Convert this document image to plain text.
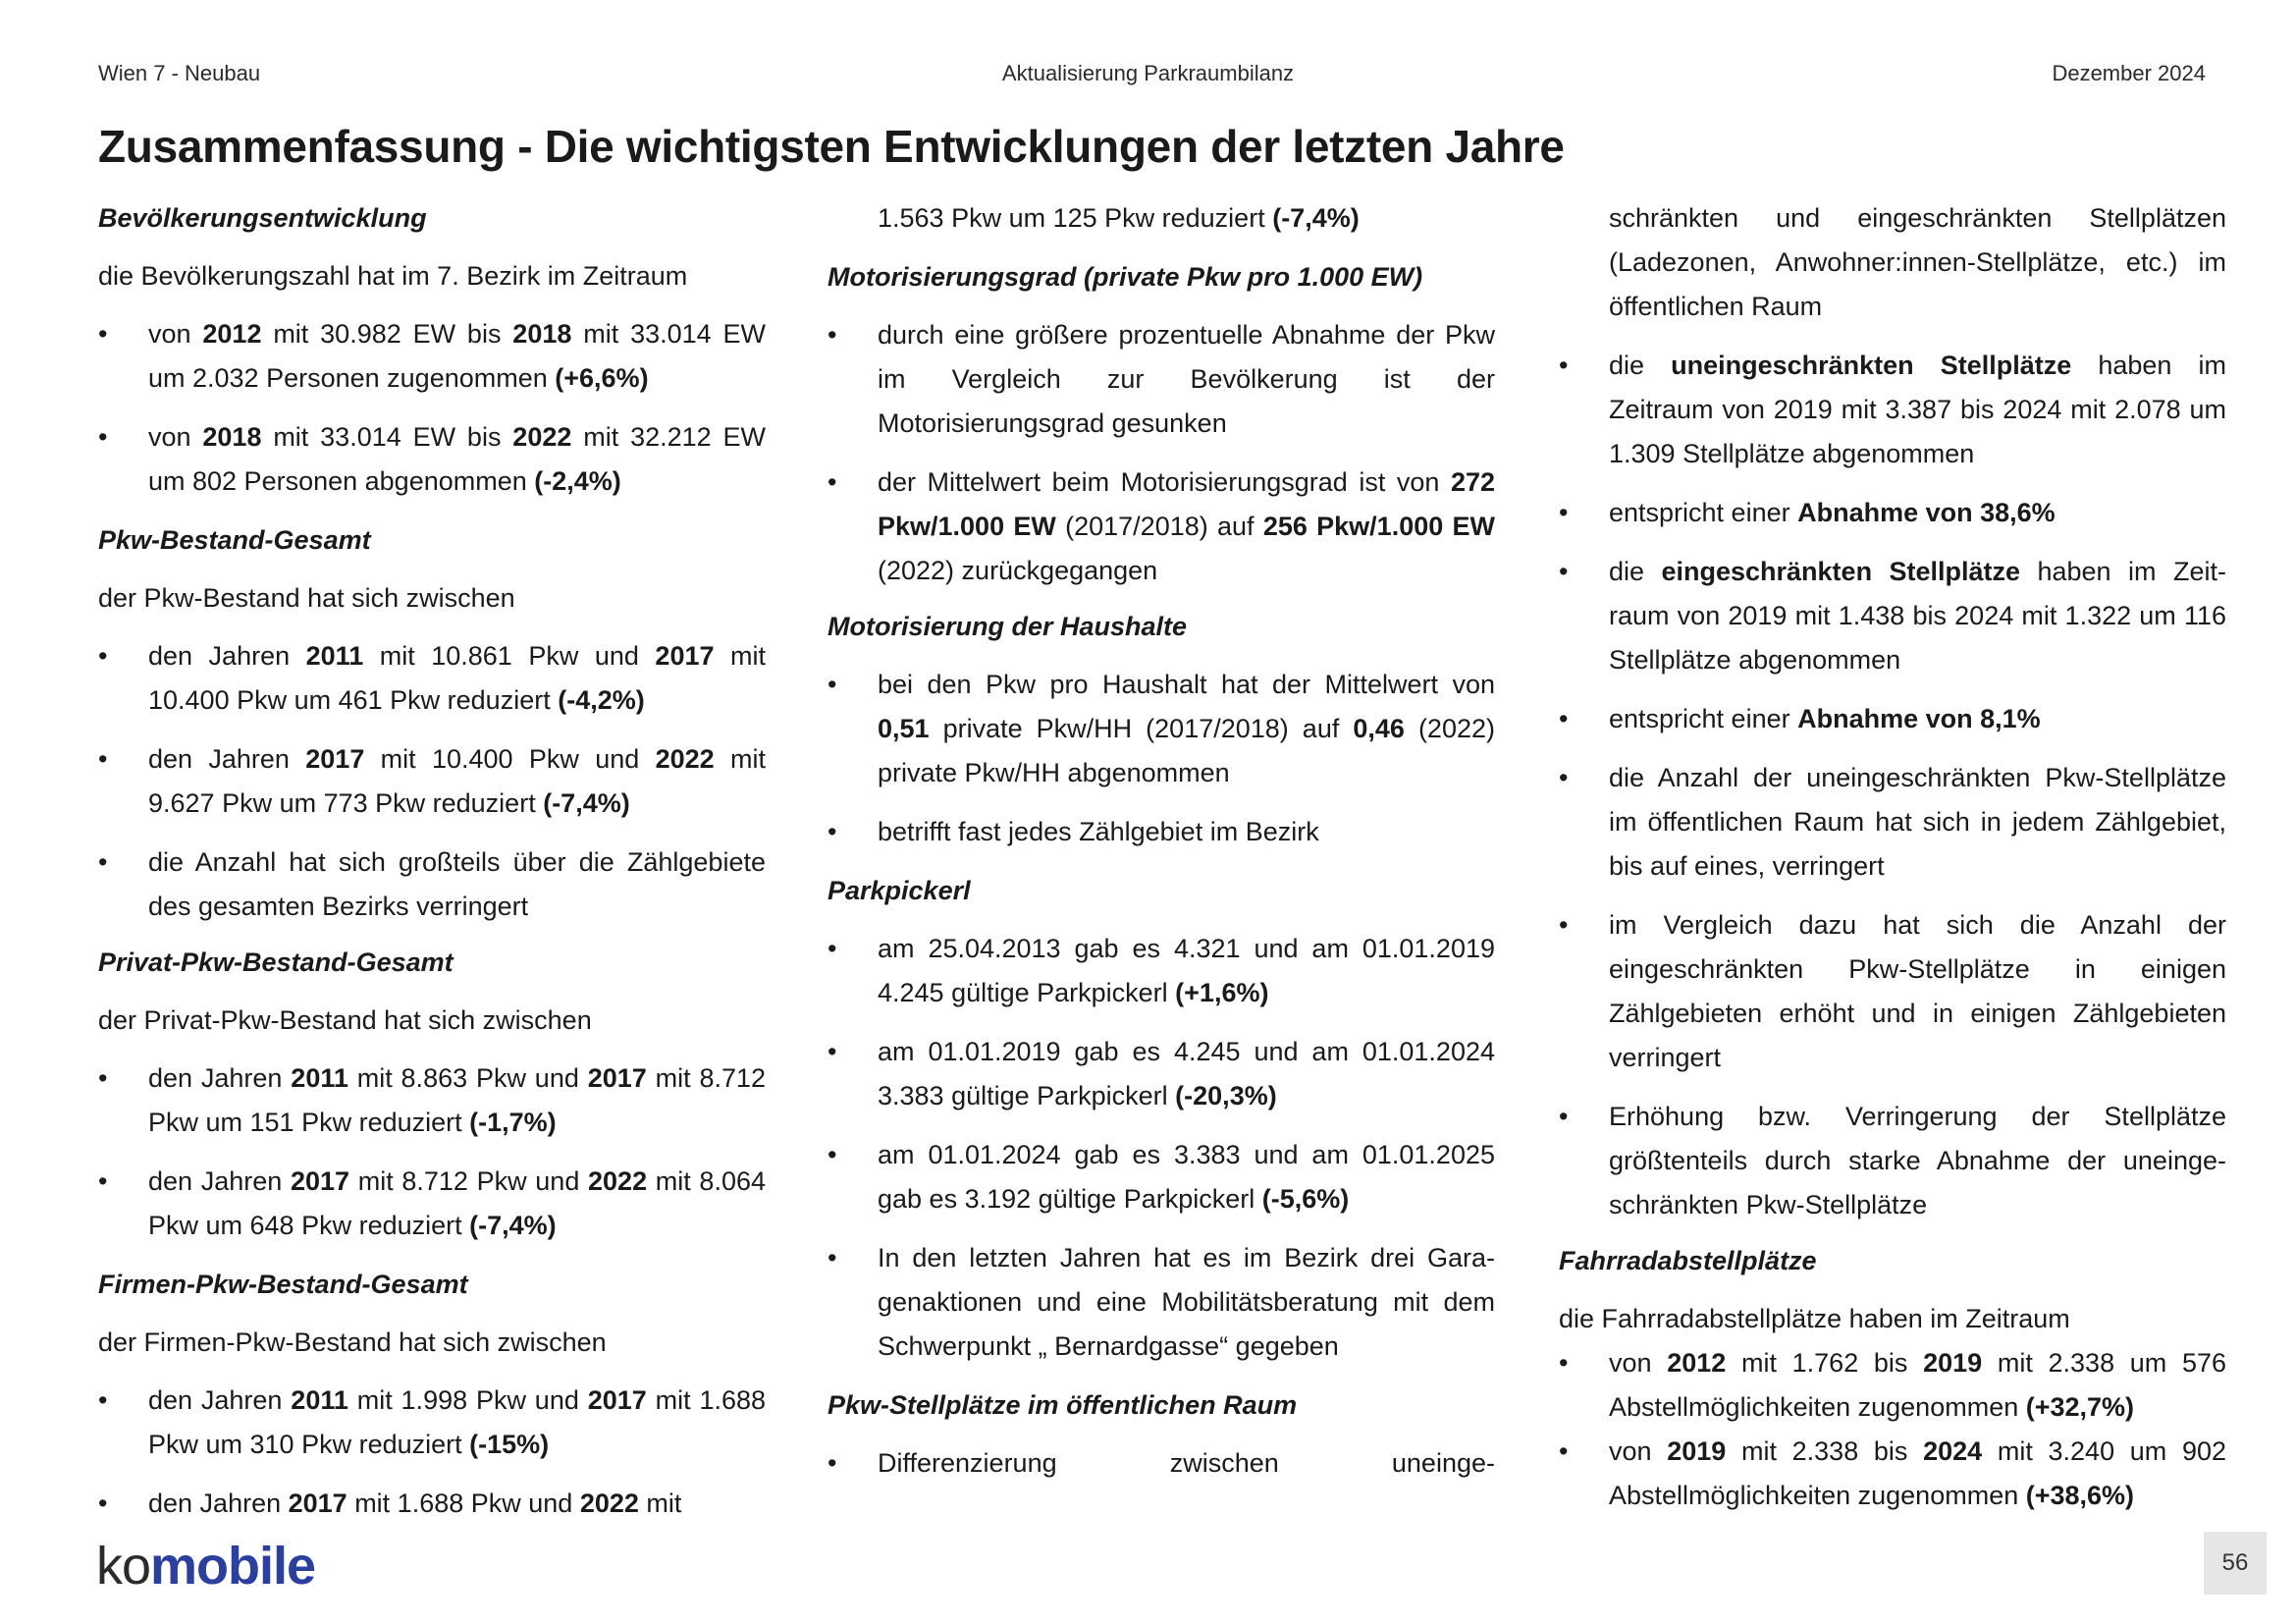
Wien 7 - Neubau	Aktualisierung Parkraumbilanz	Dezember 2024
Zusammenfassung - Die wichtigsten Entwicklungen der letzten Jahre
Bevölkerungsentwicklung
die Bevölkerungszahl hat im 7. Bezirk im Zeitraum
• von 2012 mit 30.982 EW bis 2018 mit 33.014 EW um 2.032 Personen zugenommen (+6,6%)
• von 2018 mit 33.014 EW bis 2022 mit 32.212 EW um 802 Personen abgenommen (-2,4%)
Pkw-Bestand-Gesamt
der Pkw-Bestand hat sich zwischen
• den Jahren 2011 mit 10.861 Pkw und 2017 mit 10.400 Pkw um 461 Pkw reduziert (-4,2%)
• den Jahren 2017 mit 10.400 Pkw und 2022 mit 9.627 Pkw um 773 Pkw reduziert (-7,4%)
• die Anzahl hat sich großteils über die Zählgebiete des gesamten Bezirks verringert
Privat-Pkw-Bestand-Gesamt
der Privat-Pkw-Bestand hat sich zwischen
• den Jahren 2011 mit 8.863 Pkw und 2017 mit 8.712 Pkw um 151 Pkw reduziert (-1,7%)
• den Jahren 2017 mit 8.712 Pkw und 2022 mit 8.064 Pkw um 648 Pkw reduziert (-7,4%)
Firmen-Pkw-Bestand-Gesamt
der Firmen-Pkw-Bestand hat sich zwischen
• den Jahren 2011 mit 1.998 Pkw und 2017 mit 1.688 Pkw um 310 Pkw reduziert (-15%)
• den Jahren 2017 mit 1.688 Pkw und 2022 mit
1.563 Pkw um 125 Pkw reduziert (-7,4%)
Motorisierungsgrad (private Pkw pro 1.000 EW)
• durch eine größere prozentuelle Abnahme der Pkw im Vergleich zur Bevölkerung ist der Motorisierungsgrad gesunken
• der Mittelwert beim Motorisierungsgrad ist von 272 Pkw/1.000 EW (2017/2018) auf 256 Pkw/1.000 EW (2022) zurückgegangen
Motorisierung der Haushalte
• bei den Pkw pro Haushalt hat der Mittelwert von 0,51 private Pkw/HH (2017/2018) auf 0,46 (2022) private Pkw/HH abgenommen
• betrifft fast jedes Zählgebiet im Bezirk
Parkpickerl
• am 25.04.2013 gab es 4.321 und am 01.01.2019 4.245 gültige Parkpickerl (+1,6%)
• am 01.01.2019 gab es 4.245 und am 01.01.2024 3.383 gültige Parkpickerl (-20,3%)
• am 01.01.2024 gab es 3.383 und am 01.01.2025 gab es 3.192 gültige Parkpickerl (-5,6%)
• In den letzten Jahren hat es im Bezirk drei Garagenaktionen und eine Mobilitätsberatung mit dem Schwerpunkt „ Bernardgasse“ gegeben
Pkw-Stellplätze im öffentlichen Raum
• Differenzierung zwischen uneinge-
schränkten und eingeschränkten Stellplätzen (Ladezonen, Anwohner:innen-Stellplätze, etc.) im öffentlichen Raum
• die uneingeschränkten Stellplätze haben im Zeitraum von 2019 mit 3.387 bis 2024 mit 2.078 um 1.309 Stellplätze abgenommen
• entspricht einer Abnahme von 38,6%
• die eingeschränkten Stellplätze haben im Zeitraum von 2019 mit 1.438 bis 2024 mit 1.322 um 116 Stellplätze abgenommen
• entspricht einer Abnahme von 8,1%
• die Anzahl der uneingeschränkten Pkw-Stellplätze im öffentlichen Raum hat sich in jedem Zählgebiet, bis auf eines, verringert
• im Vergleich dazu hat sich die Anzahl der eingeschränkten Pkw-Stellplätze in einigen Zählgebieten erhöht und in einigen Zählgebieten verringert
• Erhöhung bzw. Verringerung der Stellplätze größtenteils durch starke Abnahme der uneingeschränkten Pkw-Stellplätze
Fahrradabstellplätze
die Fahrradabstellplätze haben im Zeitraum
• von 2012 mit 1.762 bis 2019 mit 2.338 um 576 Abstellmöglichkeiten zugenommen (+32,7%)
• von 2019 mit 2.338 bis 2024 mit 3.240 um 902 Abstellmöglichkeiten zugenommen (+38,6%)
komobile	56
